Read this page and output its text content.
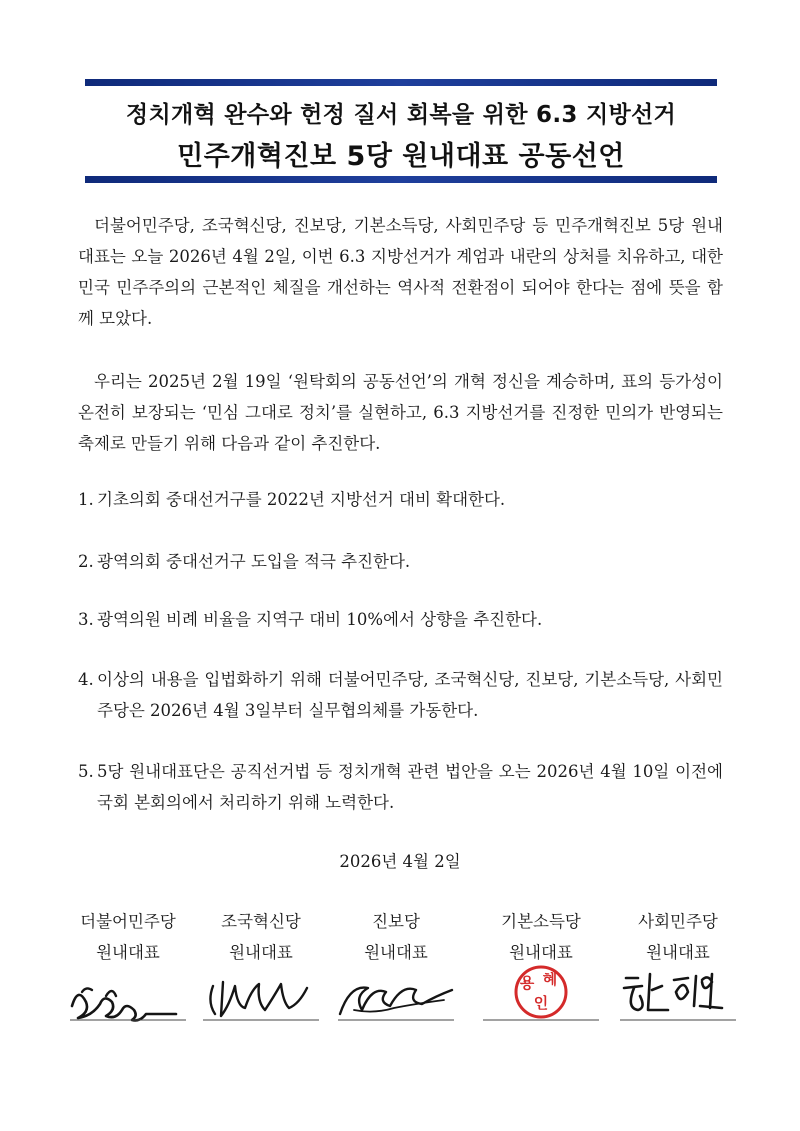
정치개혁 완수와 헌정 질서 회복을 위한 6.3 지방선거
민주개혁진보 5당 원내대표 공동선언
더불어민주당, 조국혁신당, 진보당, 기본소득당, 사회민주당 등 민주개혁진보 5당 원내대표는 오늘 2026년 4월 2일, 이번 6.3 지방선거가 계엄과 내란의 상처를 치유하고, 대한민국 민주주의의 근본적인 체질을 개선하는 역사적 전환점이 되어야 한다는 점에 뜻을 함께 모았다.
우리는 2025년 2월 19일 ‘원탁회의 공동선언’의 개혁 정신을 계승하며, 표의 등가성이 온전히 보장되는 ‘민심 그대로 정치’를 실현하고, 6.3 지방선거를 진정한 민의가 반영되는 축제로 만들기 위해 다음과 같이 추진한다.
1. 기초의회 중대선거구를 2022년 지방선거 대비 확대한다.
2. 광역의회 중대선거구 도입을 적극 추진한다.
3. 광역의원 비례 비율을 지역구 대비 10%에서 상향을 추진한다.
4. 이상의 내용을 입법화하기 위해 더불어민주당, 조국혁신당, 진보당, 기본소득당, 사회민주당은 2026년 4월 3일부터 실무협의체를 가동한다.
5. 5당 원내대표단은 공직선거법 등 정치개혁 관련 법안을 오는 2026년 4월 10일 이전에 국회 본회의에서 처리하기 위해 노력한다.
2026년 4월 2일
더불어민주당
원내대표
조국혁신당
원내대표
진보당
원내대표
기본소득당
원내대표
용 혜
인
사회민주당
원내대표
